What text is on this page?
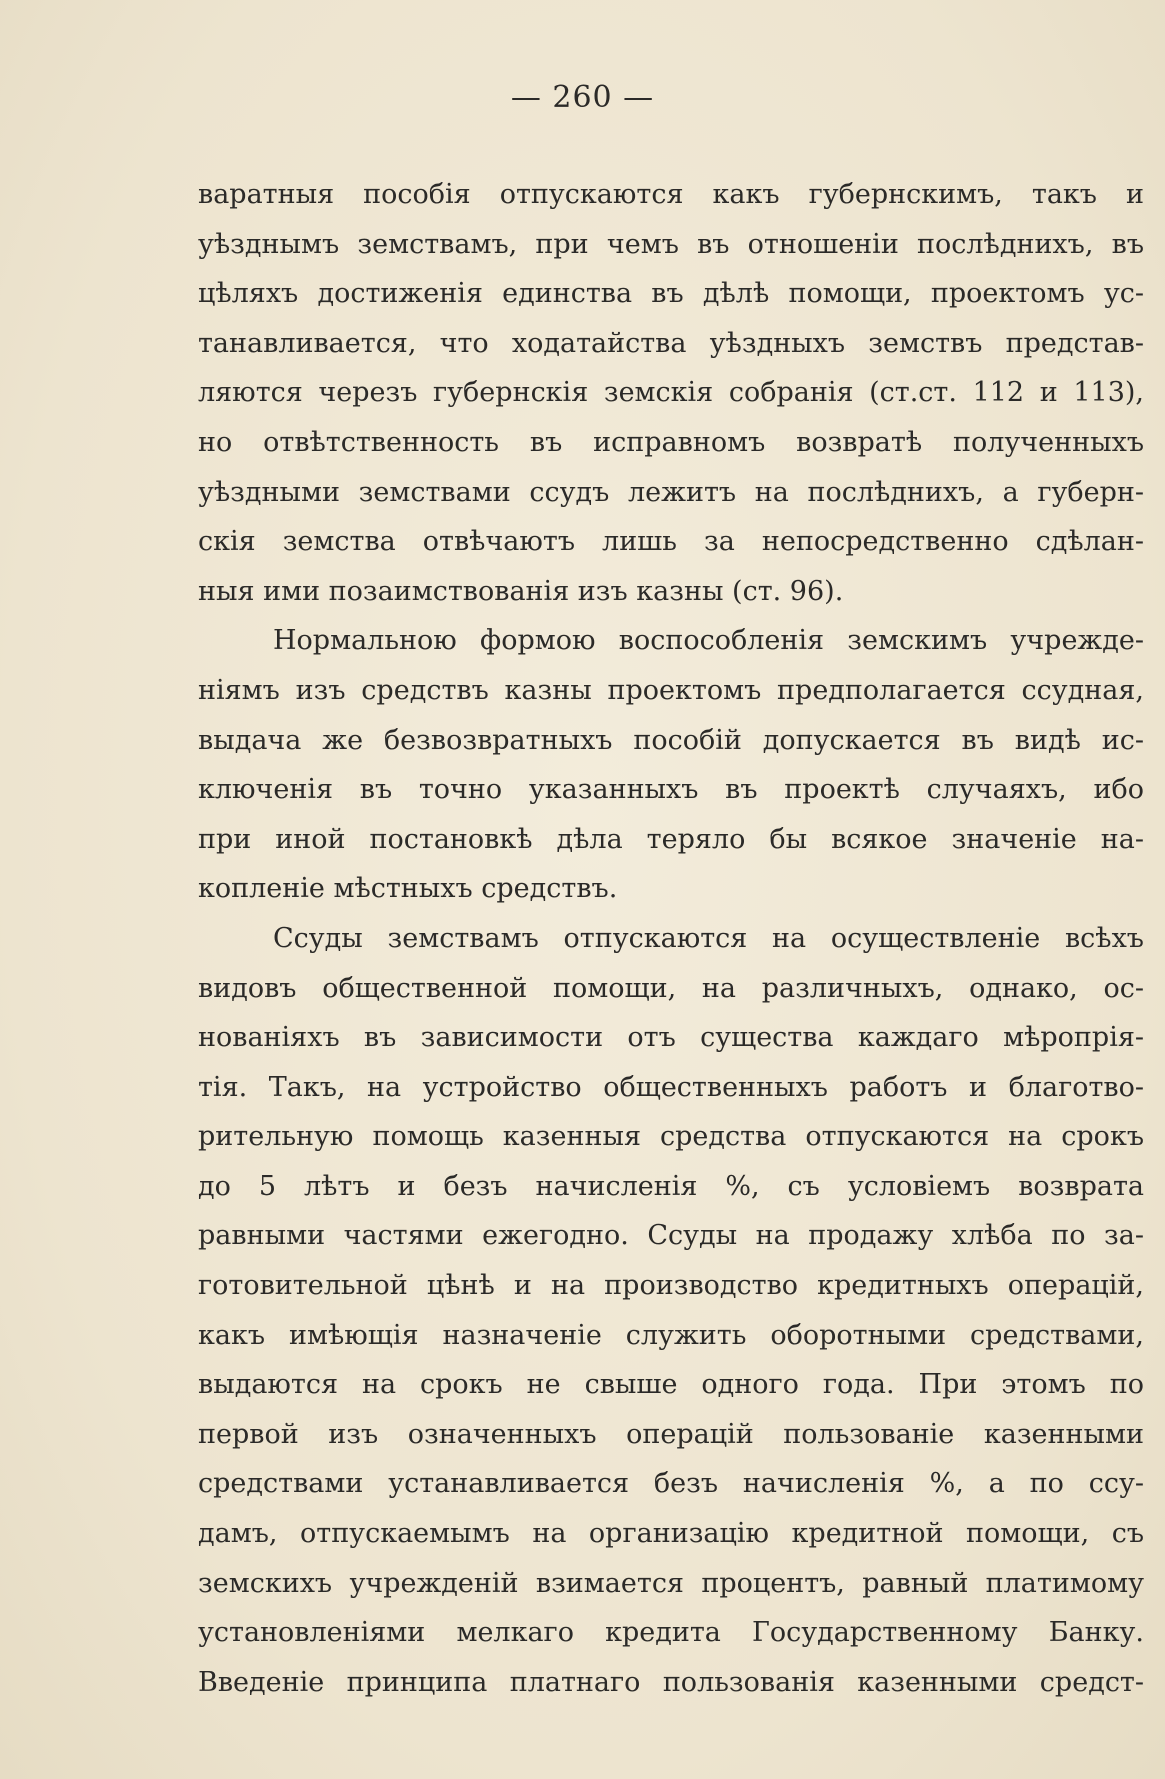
— 260 —
варатныя пособія отпускаются какъ губернскимъ, такъ и
уѣзднымъ земствамъ, при чемъ въ отношеніи послѣднихъ, въ
цѣляхъ достиженія единства въ дѣлѣ помощи, проектомъ ус-
танавливается, что ходатайства уѣздныхъ земствъ представ-
ляются черезъ губернскія земскія собранія (ст.ст. 112 и 113),
но отвѣтственность въ исправномъ возвратѣ полученныхъ
уѣздными земствами ссудъ лежитъ на послѣднихъ, а губерн-
скія земства отвѣчаютъ лишь за непосредственно сдѣлан-
ныя ими позаимствованія изъ казны (ст. 96).
Нормальною формою воспособленія земскимъ учрежде-
ніямъ изъ средствъ казны проектомъ предполагается ссудная,
выдача же безвозвратныхъ пособій допускается въ видѣ ис-
ключенія въ точно указанныхъ въ проектѣ случаяхъ, ибо
при иной постановкѣ дѣла теряло бы всякое значеніе на-
копленіе мѣстныхъ средствъ.
Ссуды земствамъ отпускаются на осуществленіе всѣхъ
видовъ общественной помощи, на различныхъ, однако, ос-
нованіяхъ въ зависимости отъ существа каждаго мѣропрія-
тія. Такъ, на устройство общественныхъ работъ и благотво-
рительную помощь казенныя средства отпускаются на срокъ
до 5 лѣтъ и безъ начисленія %, съ условіемъ возврата
равными частями ежегодно. Ссуды на продажу хлѣба по за-
готовительной цѣнѣ и на производство кредитныхъ операцій,
какъ имѣющія назначеніе служить оборотными средствами,
выдаются на срокъ не свыше одного года. При этомъ по
первой изъ означенныхъ операцій пользованіе казенными
средствами устанавливается безъ начисленія %, а по ссу-
дамъ, отпускаемымъ на организацію кредитной помощи, съ
земскихъ учрежденій взимается процентъ, равный платимому
установленіями мелкаго кредита Государственному Банку.
Введеніе принципа платнаго пользованія казенными средст-
